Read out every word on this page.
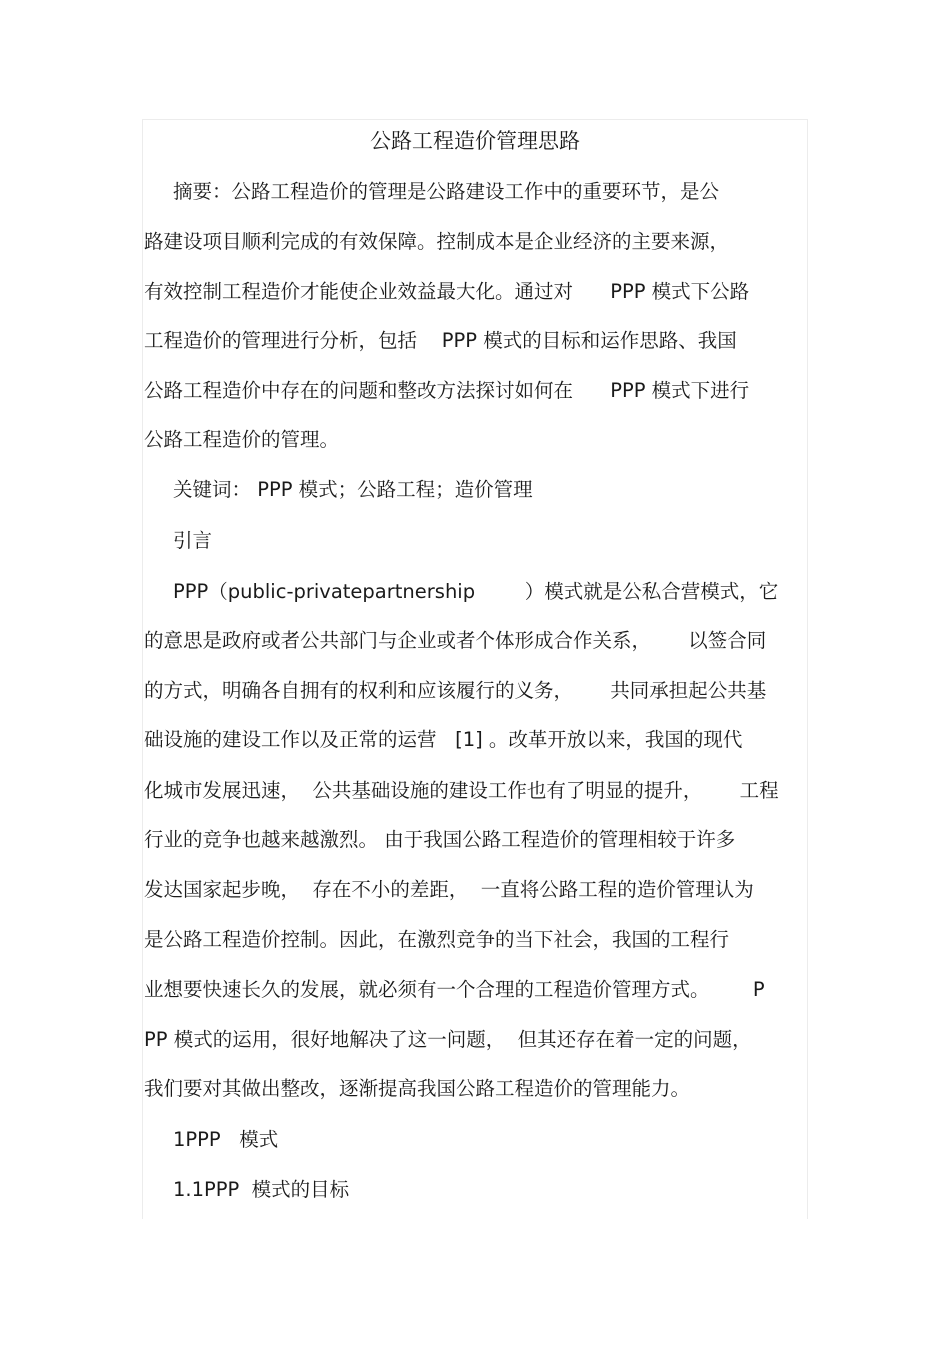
公路工程造价管理思路
摘要：公路工程造价的管理是公路建设工作中的重要环节，是公
路建设项目顺利完成的有效保障。控制成本是企业经济的主要来源，
有效控制工程造价才能使企业效益最大化。通过对      PPP 模式下公路
工程造价的管理进行分析，包括    PPP 模式的目标和运作思路、我国
公路工程造价中存在的问题和整改方法探讨如何在      PPP 模式下进行
公路工程造价的管理。
关键词： PPP 模式；公路工程；造价管理
引言
PPP（public-privatepartnership        ）模式就是公私合营模式，它
的意思是政府或者公共部门与企业或者个体形成合作关系，      以签合同
的方式，明确各自拥有的权利和应该履行的义务，      共同承担起公共基
础设施的建设工作以及正常的运营   [1] 。改革开放以来，我国的现代
化城市发展迅速，  公共基础设施的建设工作也有了明显的提升，      工程
行业的竞争也越来越激烈。 由于我国公路工程造价的管理相较于许多
发达国家起步晚，  存在不小的差距，  一直将公路工程的造价管理认为
是公路工程造价控制。因此，在激烈竞争的当下社会，我国的工程行
业想要快速长久的发展，就必须有一个合理的工程造价管理方式。       P
PP 模式的运用，很好地解决了这一问题，  但其还存在着一定的问题，
我们要对其做出整改，逐渐提高我国公路工程造价的管理能力。
1PPP   模式
1.1PPP  模式的目标
